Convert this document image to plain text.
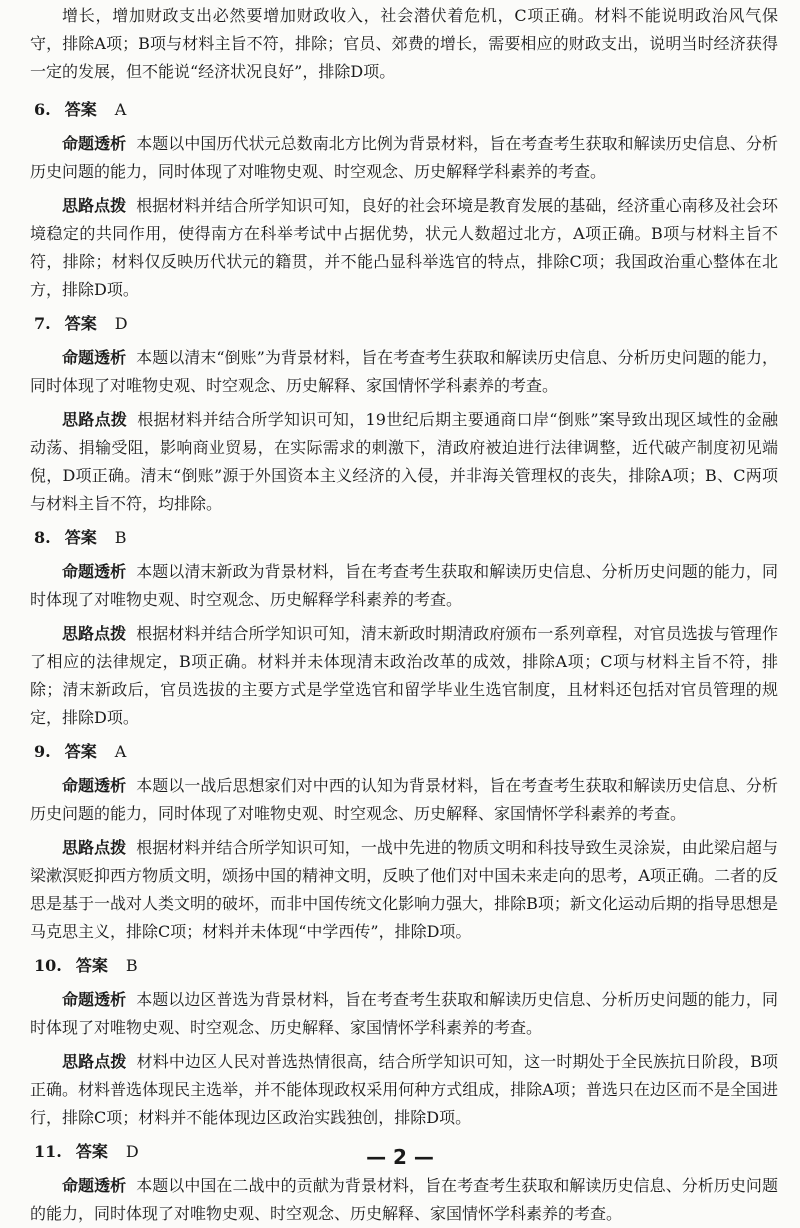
增长，增加财政支出必然要增加财政收入，社会潜伏着危机，C项正确。材料不能说明政治风气保守，排除A项；B项与材料主旨不符，排除；官员、郊费的增长，需要相应的财政支出，说明当时经济获得一定的发展，但不能说“经济状况良好”，排除D项。

6. 答案 A

命题透析 本题以中国历代状元总数南北方比例为背景材料，旨在考查考生获取和解读历史信息、分析历史问题的能力，同时体现了对唯物史观、时空观念、历史解释学科素养的考查。

思路点拨 根据材料并结合所学知识可知，良好的社会环境是教育发展的基础，经济重心南移及社会环境稳定的共同作用，使得南方在科举考试中占据优势，状元人数超过北方，A项正确。B项与材料主旨不符，排除；材料仅反映历代状元的籍贯，并不能凸显科举选官的特点，排除C项；我国政治重心整体在北方，排除D项。

7. 答案 D

命题透析 本题以清末“倒账”为背景材料，旨在考查考生获取和解读历史信息、分析历史问题的能力，同时体现了对唯物史观、时空观念、历史解释、家国情怀学科素养的考查。

思路点拨 根据材料并结合所学知识可知，19世纪后期主要通商口岸“倒账”案导致出现区域性的金融动荡、捐输受阻，影响商业贸易，在实际需求的刺激下，清政府被迫进行法律调整，近代破产制度初见端倪，D项正确。清末“倒账”源于外国资本主义经济的入侵，并非海关管理权的丧失，排除A项；B、C两项与材料主旨不符，均排除。

8. 答案 B

命题透析 本题以清末新政为背景材料，旨在考查考生获取和解读历史信息、分析历史问题的能力，同时体现了对唯物史观、时空观念、历史解释学科素养的考查。

思路点拨 根据材料并结合所学知识可知，清末新政时期清政府颁布一系列章程，对官员选拔与管理作了相应的法律规定，B项正确。材料并未体现清末政治改革的成效，排除A项；C项与材料主旨不符，排除；清末新政后，官员选拔的主要方式是学堂选官和留学毕业生选官制度，且材料还包括对官员管理的规定，排除D项。

9. 答案 A

命题透析 本题以一战后思想家们对中西的认知为背景材料，旨在考查考生获取和解读历史信息、分析历史问题的能力，同时体现了对唯物史观、时空观念、历史解释、家国情怀学科素养的考查。

思路点拨 根据材料并结合所学知识可知，一战中先进的物质文明和科技导致生灵涂炭，由此梁启超与梁漱溟贬抑西方物质文明，颂扬中国的精神文明，反映了他们对中国未来走向的思考，A项正确。二者的反思是基于一战对人类文明的破坏，而非中国传统文化影响力强大，排除B项；新文化运动后期的指导思想是马克思主义，排除C项；材料并未体现“中学西传”，排除D项。

10. 答案 B

命题透析 本题以边区普选为背景材料，旨在考查考生获取和解读历史信息、分析历史问题的能力，同时体现了对唯物史观、时空观念、历史解释、家国情怀学科素养的考查。

思路点拨 材料中边区人民对普选热情很高，结合所学知识可知，这一时期处于全民族抗日阶段，B项正确。材料普选体现民主选举，并不能体现政权采用何种方式组成，排除A项；普选只在边区而不是全国进行，排除C项；材料并不能体现边区政治实践独创，排除D项。

11. 答案 D

命题透析 本题以中国在二战中的贡献为背景材料，旨在考查考生获取和解读历史信息、分析历史问题的能力，同时体现了对唯物史观、时空观念、历史解释、家国情怀学科素养的考查。

— 2 —
